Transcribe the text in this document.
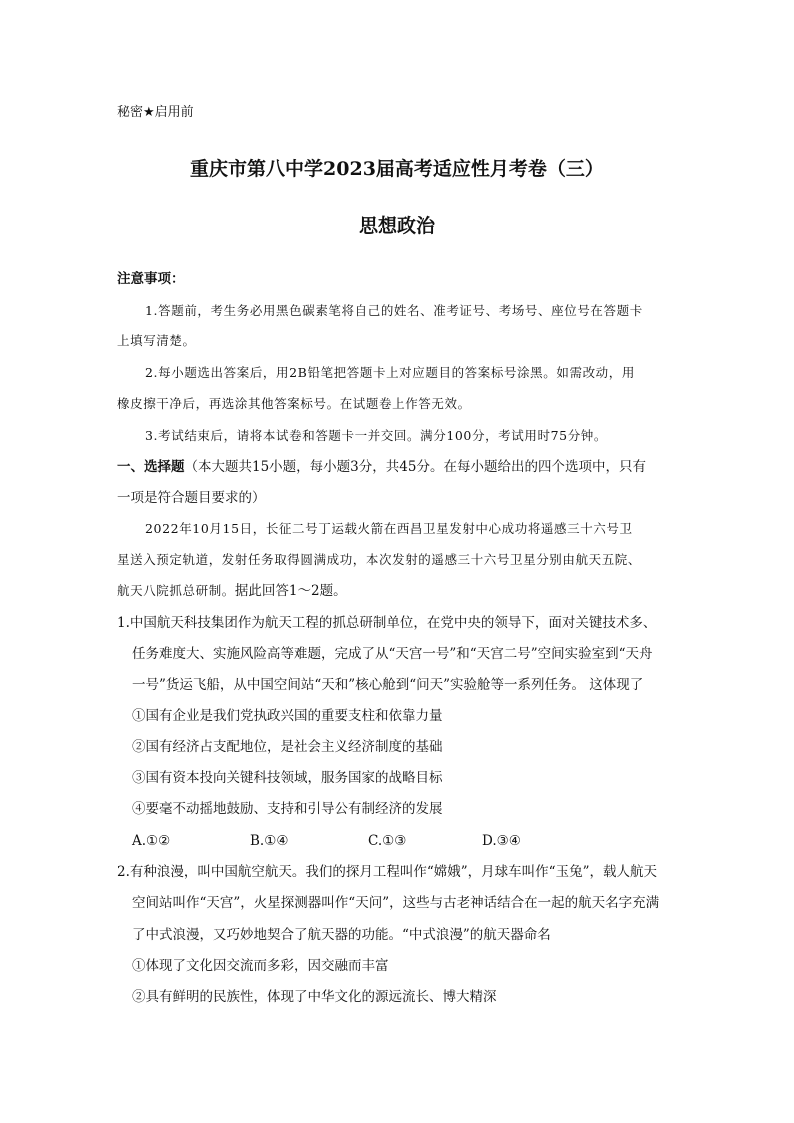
秘密★启用前
重庆市第八中学2023届高考适应性月考卷（三）
思想政治
注意事项：
1.答题前，考生务必用黑色碳素笔将自己的姓名、准考证号、考场号、座位号在答题卡
上填写清楚。
2.每小题选出答案后，用2B铅笔把答题卡上对应题目的答案标号涂黑。如需改动，用
橡皮擦干净后，再选涂其他答案标号。在试题卷上作答无效。
3.考试结束后，请将本试卷和答题卡一并交回。满分100分，考试用时75分钟。
一、选择题（本大题共15小题，每小题3分，共45分。在每小题给出的四个选项中，只有
一项是符合题目要求的）
2022年10月15日，长征二号丁运载火箭在西昌卫星发射中心成功将遥感三十六号卫
星送入预定轨道，发射任务取得圆满成功，本次发射的遥感三十六号卫星分别由航天五院、
航天八院抓总研制。据此回答1～2题。
1.中国航天科技集团作为航天工程的抓总研制单位，在党中央的领导下，面对关键技术多、
任务难度大、实施风险高等难题，完成了从“天宫一号”和“天宫二号”空间实验室到“天舟
一号”货运飞船，从中国空间站“天和”核心舱到“问天”实验舱等一系列任务。 这体现了
①国有企业是我们党执政兴国的重要支柱和依靠力量
②国有经济占支配地位，是社会主义经济制度的基础
③国有资本投向关键科技领域，服务国家的战略目标
④要毫不动摇地鼓励、支持和引导公有制经济的发展
A.①②	B.①④	C.①③	D.③④
2.有种浪漫，叫中国航空航天。我们的探月工程叫作“嫦娥”，月球车叫作“玉兔”，载人航天
空间站叫作“天宫”，火星探测器叫作“天问”，这些与古老神话结合在一起的航天名字充满
了中式浪漫，又巧妙地契合了航天器的功能。“中式浪漫”的航天器命名
①体现了文化因交流而多彩，因交融而丰富
②具有鲜明的民族性，体现了中华文化的源远流长、博大精深
